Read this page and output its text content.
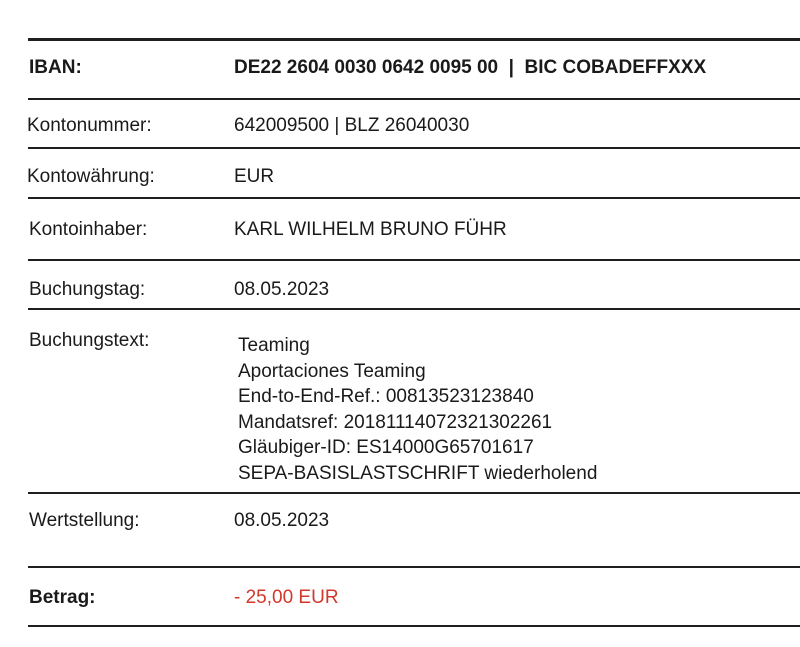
IBAN:	DE22 2604 0030 0642 0095 00  |  BIC COBADEFFXXX
Kontonummer:	642009500 | BLZ 26040030
Kontowährung:	EUR
Kontoinhaber:	KARL WILHELM BRUNO FÜHR
Buchungstag:	08.05.2023
Buchungstext:	Teaming
Aportaciones Teaming
End-to-End-Ref.: 00813523123840
Mandatsref: 20181114072321302261
Gläubiger-ID: ES14000G65701617
SEPA-BASISLASTSCHRIFT wiederholend
Wertstellung:	08.05.2023
Betrag:	- 25,00 EUR
